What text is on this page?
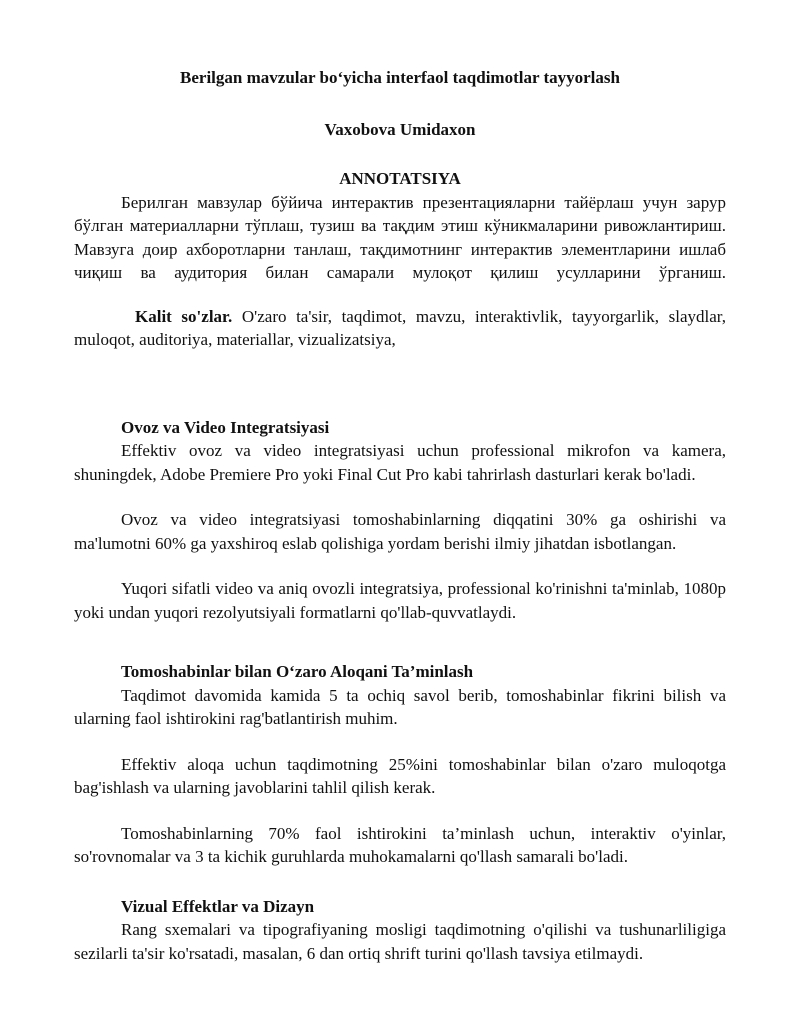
Berilgan mavzular bo‘yicha interfaol taqdimotlar tayyorlash

Vaxobova Umidaxon

ANNOTATSIYA

Берилган мавзулар бўйича интерактив презентацияларни тайёрлаш учун зарур бўлган материалларни тўплаш, тузиш ва тақдим этиш кўникмаларини ривожлантириш. Мавзуга доир ахборотларни танлаш, тақдимотнинг интерактив элементларини ишлаб чиқиш ва аудитория билан самарали мулоқот қилиш усулларини ўрганиш.

Kalit so'zlar. O'zaro ta'sir, taqdimot, mavzu, interaktivlik, tayyorgarlik, slaydlar, muloqot, auditoriya, materiallar, vizualizatsiya,

Ovoz va Video Integratsiyasi

Effektiv ovoz va video integratsiyasi uchun professional mikrofon va kamera, shuningdek, Adobe Premiere Pro yoki Final Cut Pro kabi tahrirlash dasturlari kerak bo'ladi.

Ovoz va video integratsiyasi tomoshabinlarning diqqatini 30% ga oshirishi va ma'lumotni 60% ga yaxshiroq eslab qolishiga yordam berishi ilmiy jihatdan isbotlangan.

Yuqori sifatli video va aniq ovozli integratsiya, professional ko'rinishni ta'minlab, 1080p yoki undan yuqori rezolyutsiyali formatlarni qo'llab-quvvatlaydi.

Tomoshabinlar bilan O‘zaro Aloqani Ta’minlash

Taqdimot davomida kamida 5 ta ochiq savol berib, tomoshabinlar fikrini bilish va ularning faol ishtirokini rag'batlantirish muhim.

Effektiv aloqa uchun taqdimotning 25%ini tomoshabinlar bilan o'zaro muloqotga bag'ishlash va ularning javoblarini tahlil qilish kerak.

Tomoshabinlarning 70% faol ishtirokini ta’minlash uchun, interaktiv o'yinlar, so'rovnomalar va 3 ta kichik guruhlarda muhokamalarni qo'llash samarali bo'ladi.

Vizual Effektlar va Dizayn

Rang sxemalari va tipografiyaning mosligi taqdimotning o'qilishi va tushunarliligiga sezilarli ta'sir ko'rsatadi, masalan, 6 dan ortiq shrift turini qo'llash tavsiya etilmaydi.
